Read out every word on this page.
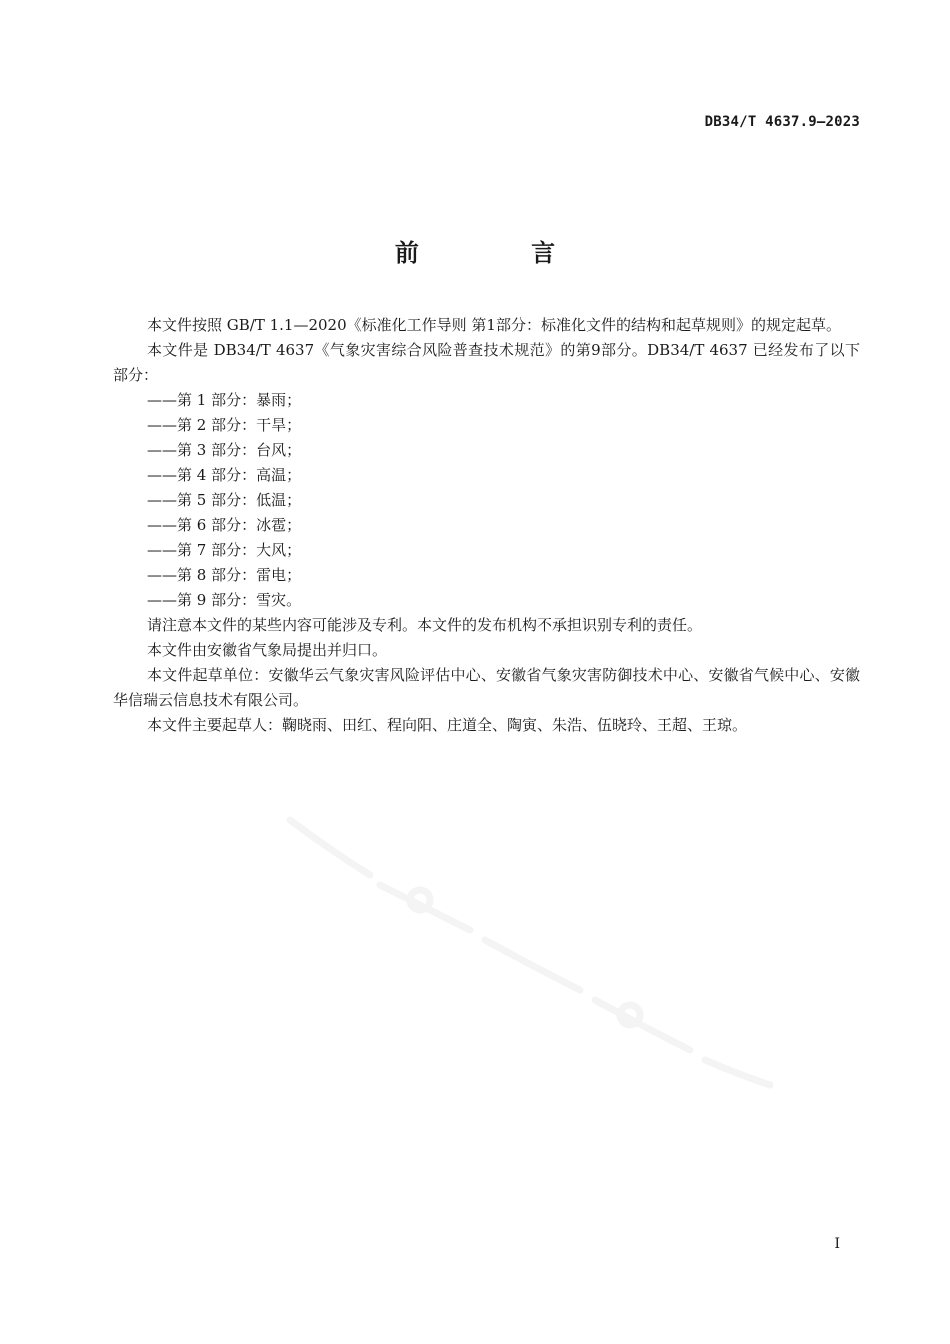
DB34/T 4637.9—2023
前 言

本文件按照 GB/T 1.1—2020《标准化工作导则 第1部分：标准化文件的结构和起草规则》的规定起草。

本文件是 DB34/T 4637《气象灾害综合风险普查技术规范》的第9部分。DB34/T 4637 已经发布了以下部分：

——第 1 部分：暴雨；
——第 2 部分：干旱；
——第 3 部分：台风；
——第 4 部分：高温；
——第 5 部分：低温；
——第 6 部分：冰雹；
——第 7 部分：大风；
——第 8 部分：雷电；
——第 9 部分：雪灾。

请注意本文件的某些内容可能涉及专利。本文件的发布机构不承担识别专利的责任。

本文件由安徽省气象局提出并归口。

本文件起草单位：安徽华云气象灾害风险评估中心、安徽省气象灾害防御技术中心、安徽省气候中心、安徽华信瑞云信息技术有限公司。

本文件主要起草人：鞠晓雨、田红、程向阳、庄道全、陶寅、朱浩、伍晓玲、王超、王琼。

I
